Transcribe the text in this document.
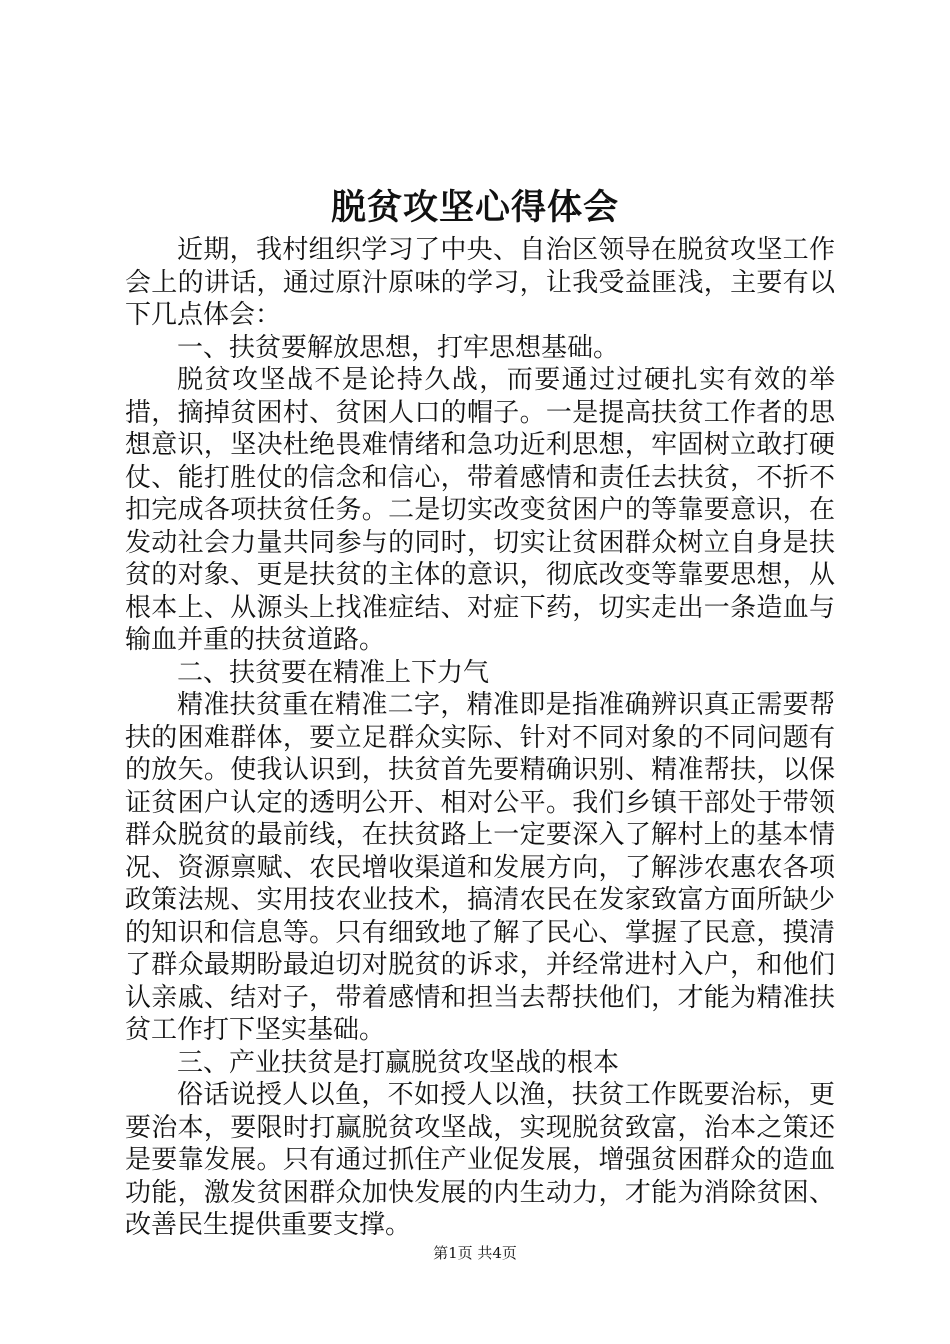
脱贫攻坚心得体会

近期，我村组织学习了中央、自治区领导在脱贫攻坚工作会上的讲话，通过原汁原味的学习，让我受益匪浅，主要有以下几点体会：

一、扶贫要解放思想，打牢思想基础。

脱贫攻坚战不是论持久战，而要通过过硬扎实有效的举措，摘掉贫困村、贫困人口的帽子。一是提高扶贫工作者的思想意识，坚决杜绝畏难情绪和急功近利思想，牢固树立敢打硬仗、能打胜仗的信念和信心，带着感情和责任去扶贫，不折不扣完成各项扶贫任务。二是切实改变贫困户的等靠要意识，在发动社会力量共同参与的同时，切实让贫困群众树立自身是扶贫的对象、更是扶贫的主体的意识，彻底改变等靠要思想，从根本上、从源头上找准症结、对症下药，切实走出一条造血与输血并重的扶贫道路。

二、扶贫要在精准上下力气

精准扶贫重在精准二字，精准即是指准确辨识真正需要帮扶的困难群体，要立足群众实际、针对不同对象的不同问题有的放矢。使我认识到，扶贫首先要精确识别、精准帮扶，以保证贫困户认定的透明公开、相对公平。我们乡镇干部处于带领群众脱贫的最前线，在扶贫路上一定要深入了解村上的基本情况、资源禀赋、农民增收渠道和发展方向，了解涉农惠农各项政策法规、实用技农业技术，搞清农民在发家致富方面所缺少的知识和信息等。只有细致地了解了民心、掌握了民意，摸清了群众最期盼最迫切对脱贫的诉求，并经常进村入户，和他们认亲戚、结对子，带着感情和担当去帮扶他们，才能为精准扶贫工作打下坚实基础。

三、产业扶贫是打赢脱贫攻坚战的根本

俗话说授人以鱼，不如授人以渔，扶贫工作既要治标，更要治本，要限时打赢脱贫攻坚战，实现脱贫致富，治本之策还是要靠发展。只有通过抓住产业促发展，增强贫困群众的造血功能，激发贫困群众加快发展的内生动力，才能为消除贫困、改善民生提供重要支撑。

第1页 共4页
